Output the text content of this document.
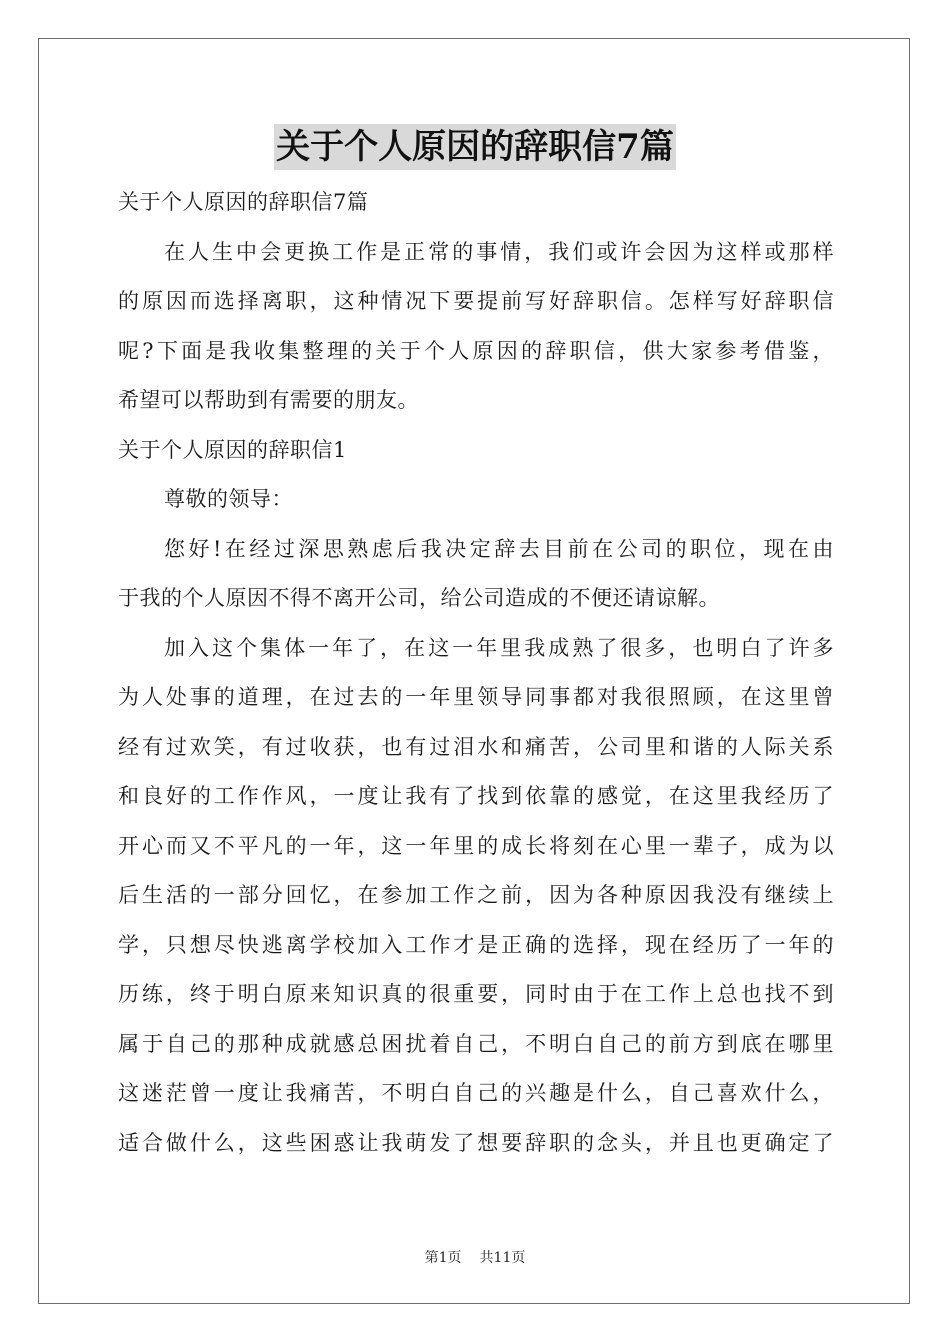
关于个人原因的辞职信7篇
关于个人原因的辞职信7篇
在人生中会更换工作是正常的事情，我们或许会因为这样或那样
的原因而选择离职，这种情况下要提前写好辞职信。怎样写好辞职信
呢?下面是我收集整理的关于个人原因的辞职信，供大家参考借鉴，
希望可以帮助到有需要的朋友。
关于个人原因的辞职信1
尊敬的领导：
您好!在经过深思熟虑后我决定辞去目前在公司的职位，现在由
于我的个人原因不得不离开公司，给公司造成的不便还请谅解。
加入这个集体一年了，在这一年里我成熟了很多，也明白了许多
为人处事的道理，在过去的一年里领导同事都对我很照顾，在这里曾
经有过欢笑，有过收获，也有过泪水和痛苦，公司里和谐的人际关系
和良好的工作作风，一度让我有了找到依靠的感觉，在这里我经历了
开心而又不平凡的一年，这一年里的成长将刻在心里一辈子，成为以
后生活的一部分回忆，在参加工作之前，因为各种原因我没有继续上
学，只想尽快逃离学校加入工作才是正确的选择，现在经历了一年的
历练，终于明白原来知识真的很重要，同时由于在工作上总也找不到
属于自己的那种成就感总困扰着自己，不明白自己的前方到底在哪里
这迷茫曾一度让我痛苦，不明白自己的兴趣是什么，自己喜欢什么，
适合做什么，这些困惑让我萌发了想要辞职的念头，并且也更确定了
第1页 共11页
